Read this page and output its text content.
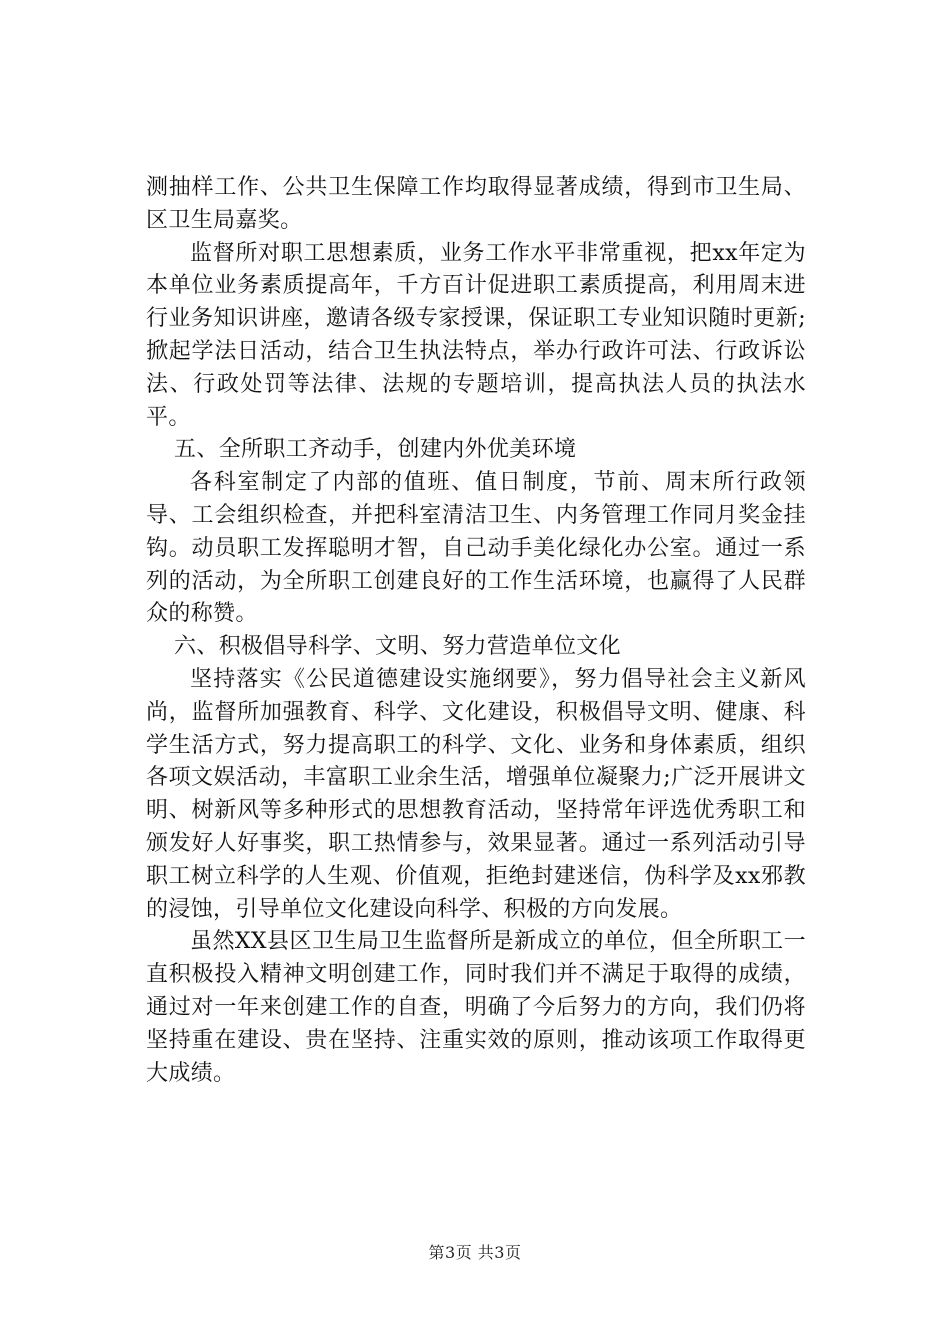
测抽样工作、公共卫生保障工作均取得显著成绩，得到市卫生局、区卫生局嘉奖。

监督所对职工思想素质，业务工作水平非常重视，把xx年定为本单位业务素质提高年，千方百计促进职工素质提高，利用周末进行业务知识讲座，邀请各级专家授课，保证职工专业知识随时更新;掀起学法日活动，结合卫生执法特点，举办行政许可法、行政诉讼法、行政处罚等法律、法规的专题培训，提高执法人员的执法水平。

五、全所职工齐动手，创建内外优美环境

各科室制定了内部的值班、值日制度，节前、周末所行政领导、工会组织检查，并把科室清洁卫生、内务管理工作同月奖金挂钩。动员职工发挥聪明才智，自己动手美化绿化办公室。通过一系列的活动，为全所职工创建良好的工作生活环境，也赢得了人民群众的称赞。

六、积极倡导科学、文明、努力营造单位文化

坚持落实《公民道德建设实施纲要》，努力倡导社会主义新风尚，监督所加强教育、科学、文化建设，积极倡导文明、健康、科学生活方式，努力提高职工的科学、文化、业务和身体素质，组织各项文娱活动，丰富职工业余生活，增强单位凝聚力;广泛开展讲文明、树新风等多种形式的思想教育活动，坚持常年评选优秀职工和颁发好人好事奖，职工热情参与，效果显著。通过一系列活动引导职工树立科学的人生观、价值观，拒绝封建迷信，伪科学及xx邪教的浸蚀，引导单位文化建设向科学、积极的方向发展。

虽然XX县区卫生局卫生监督所是新成立的单位，但全所职工一直积极投入精神文明创建工作，同时我们并不满足于取得的成绩，通过对一年来创建工作的自查，明确了今后努力的方向，我们仍将坚持重在建设、贵在坚持、注重实效的原则，推动该项工作取得更大成绩。

第3页 共3页
